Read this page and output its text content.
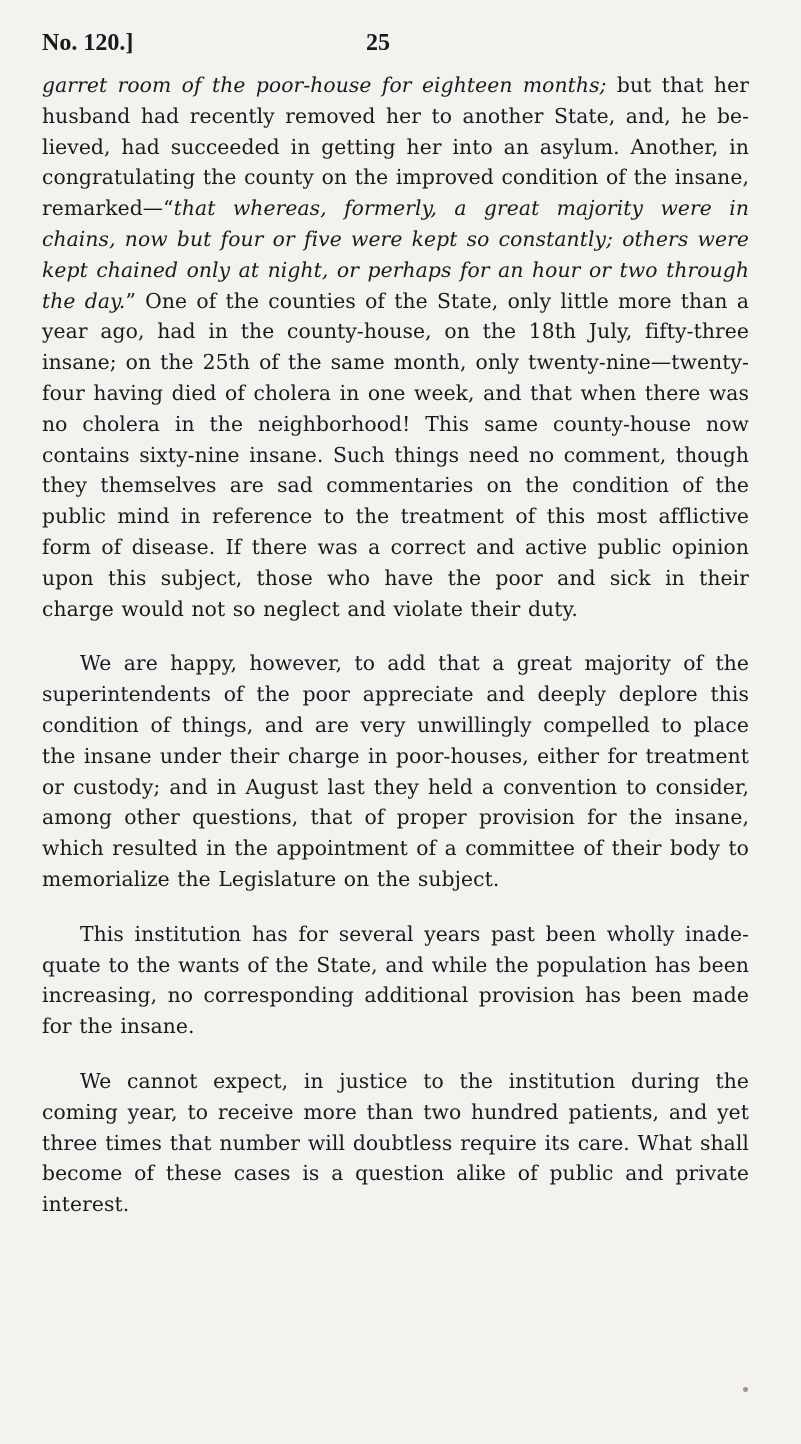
No. 120.]	25

garret room of the poor-house for eighteen months; but that her husband had recently removed her to another State, and, he believed, had succeeded in getting her into an asylum. Another, in congratulating the county on the improved condition of the insane, remarked—“that whereas, formerly, a great majority were in chains, now but four or five were kept so constantly; others were kept chained only at night, or perhaps for an hour or two through the day.” One of the counties of the State, only little more than a year ago, had in the county-house, on the 18th July, fifty-three insane; on the 25th of the same month, only twenty-nine—twenty-four having died of cholera in one week, and that when there was no cholera in the neighborhood! This same county-house now contains sixty-nine insane. Such things need no comment, though they themselves are sad commentaries on the condition of the public mind in reference to the treatment of this most afflictive form of disease. If there was a correct and active public opinion upon this subject, those who have the poor and sick in their charge would not so neglect and violate their duty.

We are happy, however, to add that a great majority of the superintendents of the poor appreciate and deeply deplore this condition of things, and are very unwillingly compelled to place the insane under their charge in poor-houses, either for treatment or custody; and in August last they held a convention to consider, among other questions, that of proper provision for the insane, which resulted in the appointment of a committee of their body to memorialize the Legislature on the subject.

This institution has for several years past been wholly inadequate to the wants of the State, and while the population has been increasing, no corresponding additional provision has been made for the insane.

We cannot expect, in justice to the institution during the coming year, to receive more than two hundred patients, and yet three times that number will doubtless require its care. What shall become of these cases is a question alike of public and private interest.
